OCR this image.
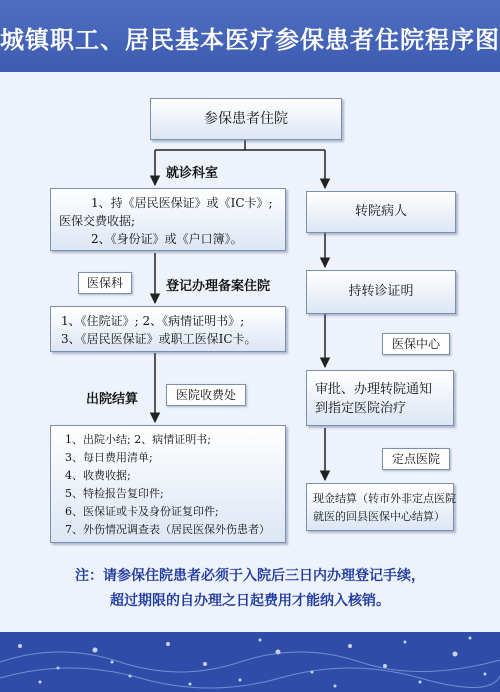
城镇职工、居民基本医疗参保患者住院程序图
参保患者住院
就诊科室
1、持《居民医保证》或《IC卡》;
医保交费收据;
2、《身份证》或《户口簿》。
医保科	登记办理备案住院
1、《住院证》; 2、《病情证明书》;
3、《居民医保证》或职工医保IC卡。
出院结算	医院收费处
1、出院小结; 2、病情证明书;
3、每日费用清单;
4、收费收据;
5、特检报告复印件;
6、医保证或卡及身份证复印件;
7、外伤情况调查表（居民医保外伤患者）
转院病人
持转诊证明
医保中心
审批、办理转院通知
到指定医院治疗
定点医院
现金结算（转市外非定点医院
就医的回县医保中心结算）
注：请参保住院患者必须于入院后三日内办理登记手续，
超过期限的自办理之日起费用才能纳入核销。
